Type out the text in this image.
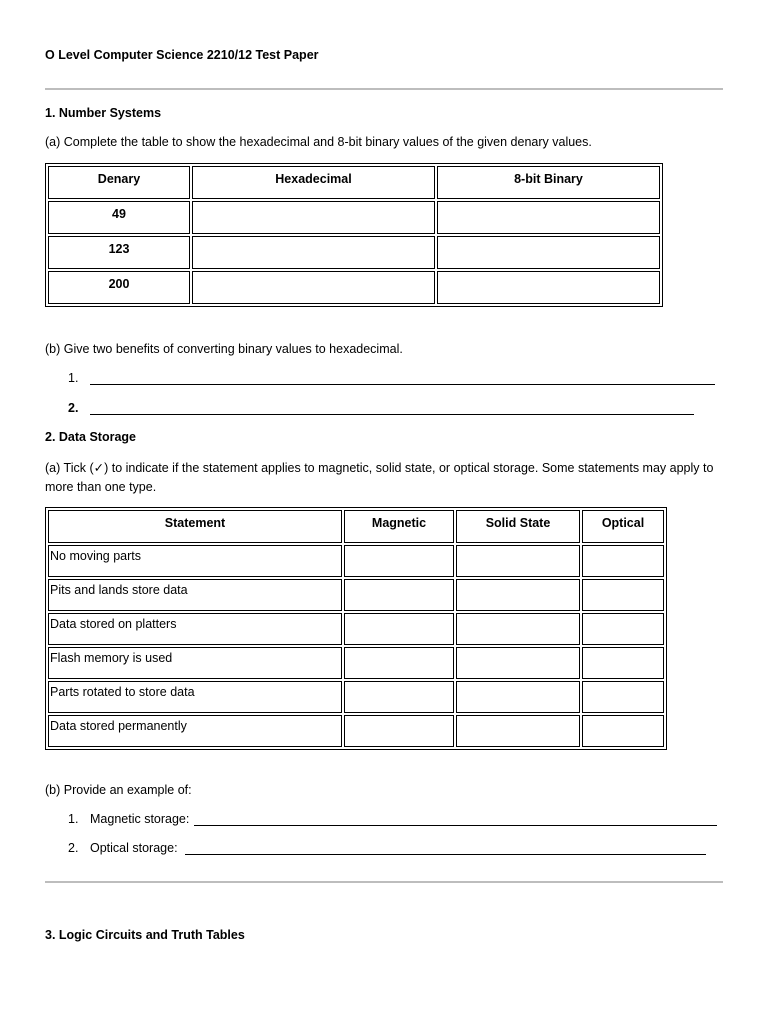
O Level Computer Science 2210/12 Test Paper
1. Number Systems
(a) Complete the table to show the hexadecimal and 8-bit binary values of the given denary values.
Denary	Hexadecimal	8-bit Binary
49		
123		
200		
(b) Give two benefits of converting binary values to hexadecimal.
1.
2.
2. Data Storage
(a) Tick (✓) to indicate if the statement applies to magnetic, solid state, or optical storage. Some statements may apply to
more than one type.
Statement	Magnetic	Solid State	Optical
No moving parts			
Pits and lands store data			
Data stored on platters			
Flash memory is used			
Parts rotated to store data			
Data stored permanently			
(b) Provide an example of:
1. Magnetic storage:
2. Optical storage:
3. Logic Circuits and Truth Tables
